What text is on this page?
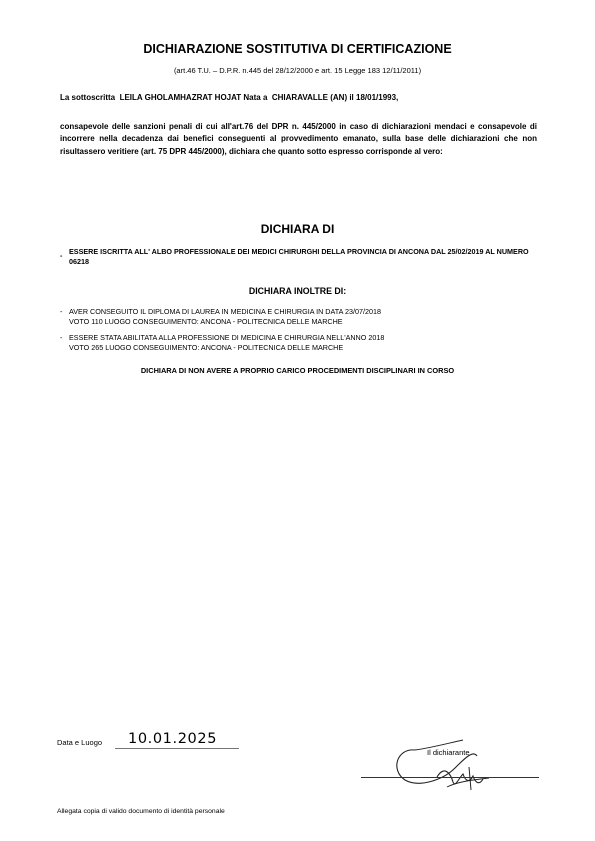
DICHIARAZIONE SOSTITUTIVA DI CERTIFICAZIONE
(art.46 T.U. – D.P.R. n.445 del 28/12/2000 e art. 15 Legge 183 12/11/2011)
La sottoscritta  LEILA GHOLAMHAZRAT HOJAT Nata a  CHIARAVALLE (AN) il 18/01/1993,
consapevole delle sanzioni penali di cui all'art.76 del DPR n. 445/2000 in caso di dichiarazioni mendaci e consapevole di incorrere nella decadenza dai benefici conseguenti al provvedimento emanato, sulla base delle dichiarazioni che non risultassero veritiere (art. 75 DPR 445/2000), dichiara che quanto sotto espresso corrisponde al vero:
DICHIARA DI
- ESSERE ISCRITTA ALL' ALBO PROFESSIONALE DEI MEDICI CHIRURGHI DELLA PROVINCIA DI ANCONA DAL 25/02/2019 AL NUMERO 06218
DICHIARA INOLTRE DI:
- AVER CONSEGUITO IL DIPLOMA DI LAUREA IN MEDICINA E CHIRURGIA IN DATA 23/07/2018
VOTO 110 LUOGO CONSEGUIMENTO: ANCONA - POLITECNICA DELLE MARCHE
- ESSERE STATA ABILITATA ALLA PROFESSIONE DI MEDICINA E CHIRURGIA NELL'ANNO 2018
VOTO 265 LUOGO CONSEGUIMENTO: ANCONA - POLITECNICA DELLE MARCHE
DICHIARA DI NON AVERE A PROPRIO CARICO PROCEDIMENTI DISCIPLINARI IN CORSO
Data e Luogo 10.01.2025
Il dichiarante
Allegata copia di valido documento di identità personale
